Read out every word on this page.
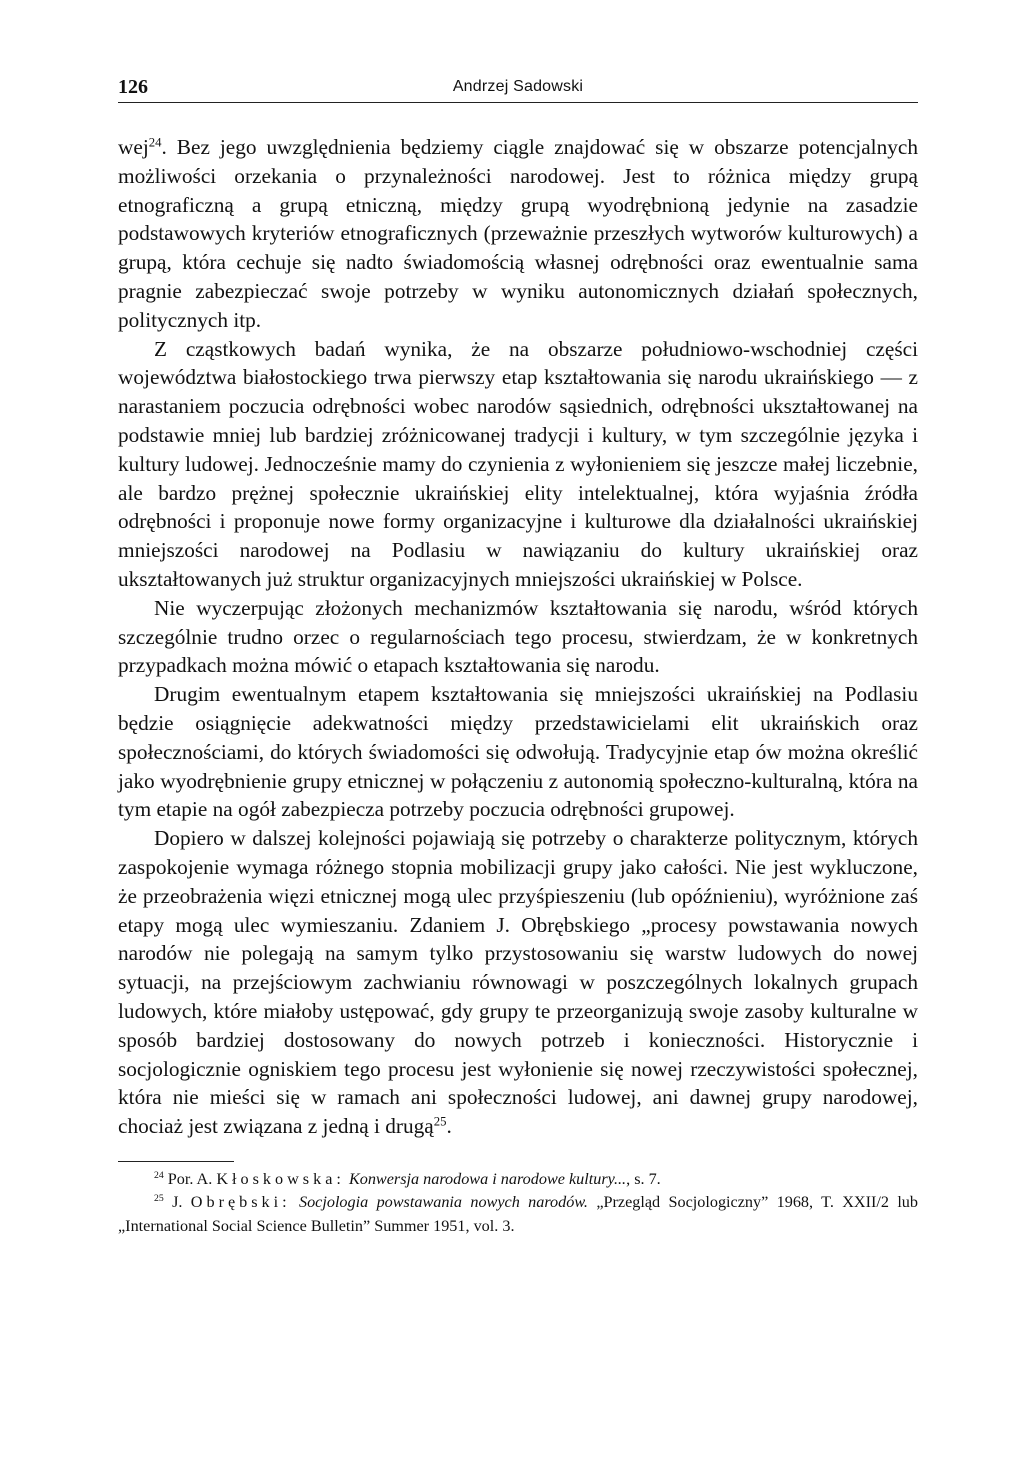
126	Andrzej Sadowski

wej$^{24}$. Bez jego uwzględnienia będziemy ciągle znajdować się w obszarze potencjalnych możliwości orzekania o przynależności narodowej. Jest to różnica między grupą etnograficzną a grupą etniczną, między grupą wyodrębnioną jedynie na zasadzie podstawowych kryteriów etnograficznych (przeważnie przeszłych wytworów kulturowych) a grupą, która cechuje się nadto świadomością własnej odrębności oraz ewentualnie sama pragnie zabezpieczać swoje potrzeby w wyniku autonomicznych działań społecznych, politycznych itp.

Z cząstkowych badań wynika, że na obszarze południowo-wschodniej części województwa białostockiego trwa pierwszy etap kształtowania się narodu ukraińskiego — z narastaniem poczucia odrębności wobec narodów sąsiednich, odrębności ukształtowanej na podstawie mniej lub bardziej zróżnicowanej tradycji i kultury, w tym szczególnie języka i kultury ludowej. Jednocześnie mamy do czynienia z wyłonieniem się jeszcze małej liczebnie, ale bardzo prężnej społecznie ukraińskiej elity intelektualnej, która wyjaśnia źródła odrębności i proponuje nowe formy organizacyjne i kulturowe dla działalności ukraińskiej mniejszości narodowej na Podlasiu w nawiązaniu do kultury ukraińskiej oraz ukształtowanych już struktur organizacyjnych mniejszości ukraińskiej w Polsce.

Nie wyczerpując złożonych mechanizmów kształtowania się narodu, wśród których szczególnie trudno orzec o regularnościach tego procesu, stwierdzam, że w konkretnych przypadkach można mówić o etapach kształtowania się narodu.

Drugim ewentualnym etapem kształtowania się mniejszości ukraińskiej na Podlasiu będzie osiągnięcie adekwatności między przedstawicielami elit ukraińskich oraz społecznościami, do których świadomości się odwołują. Tradycyjnie etap ów można określić jako wyodrębnienie grupy etnicznej w połączeniu z autonomią społeczno-kulturalną, która na tym etapie na ogół zabezpiecza potrzeby poczucia odrębności grupowej.

Dopiero w dalszej kolejności pojawiają się potrzeby o charakterze politycznym, których zaspokojenie wymaga różnego stopnia mobilizacji grupy jako całości. Nie jest wykluczone, że przeobrażenia więzi etnicznej mogą ulec przyśpieszeniu (lub opóźnieniu), wyróżnione zaś etapy mogą ulec wymieszaniu. Zdaniem J. Obrębskiego „procesy powstawania nowych narodów nie polegają na samym tylko przystosowaniu się warstw ludowych do nowej sytuacji, na przejściowym zachwianiu równowagi w poszczególnych lokalnych grupach ludowych, które miałoby ustępować, gdy grupy te przeorganizują swoje zasoby kulturalne w sposób bardziej dostosowany do nowych potrzeb i konieczności. Historycznie i socjologicznie ogniskiem tego procesu jest wyłonienie się nowej rzeczywistości społecznej, która nie mieści się w ramach ani społeczności ludowej, ani dawnej grupy narodowej, chociaż jest związana z jedną i drugą$^{25}$.

$^{24}$ Por. A. Kłoskowska: Konwersja narodowa i narodowe kultury..., s. 7.

$^{25}$ J. Obrębski: Socjologia powstawania nowych narodów. „Przegląd Socjologiczny” 1968, T. XXII/2 lub „International Social Science Bulletin” Summer 1951, vol. 3.
